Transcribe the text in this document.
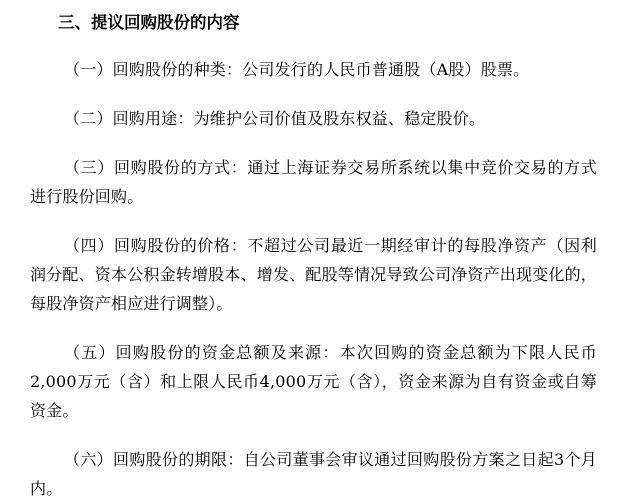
三、提议回购股份的内容

（一）回购股份的种类：公司发行的人民币普通股（A股）股票。

（二）回购用途：为维护公司价值及股东权益、稳定股价。

（三）回购股份的方式：通过上海证券交易所系统以集中竞价交易的方式进行股份回购。

（四）回购股份的价格：不超过公司最近一期经审计的每股净资产（因利润分配、资本公积金转增股本、增发、配股等情况导致公司净资产出现变化的，每股净资产相应进行调整）。

（五）回购股份的资金总额及来源：本次回购的资金总额为下限人民币2,000万元（含）和上限人民币4,000万元（含），资金来源为自有资金或自筹资金。

（六）回购股份的期限：自公司董事会审议通过回购股份方案之日起3个月内。
